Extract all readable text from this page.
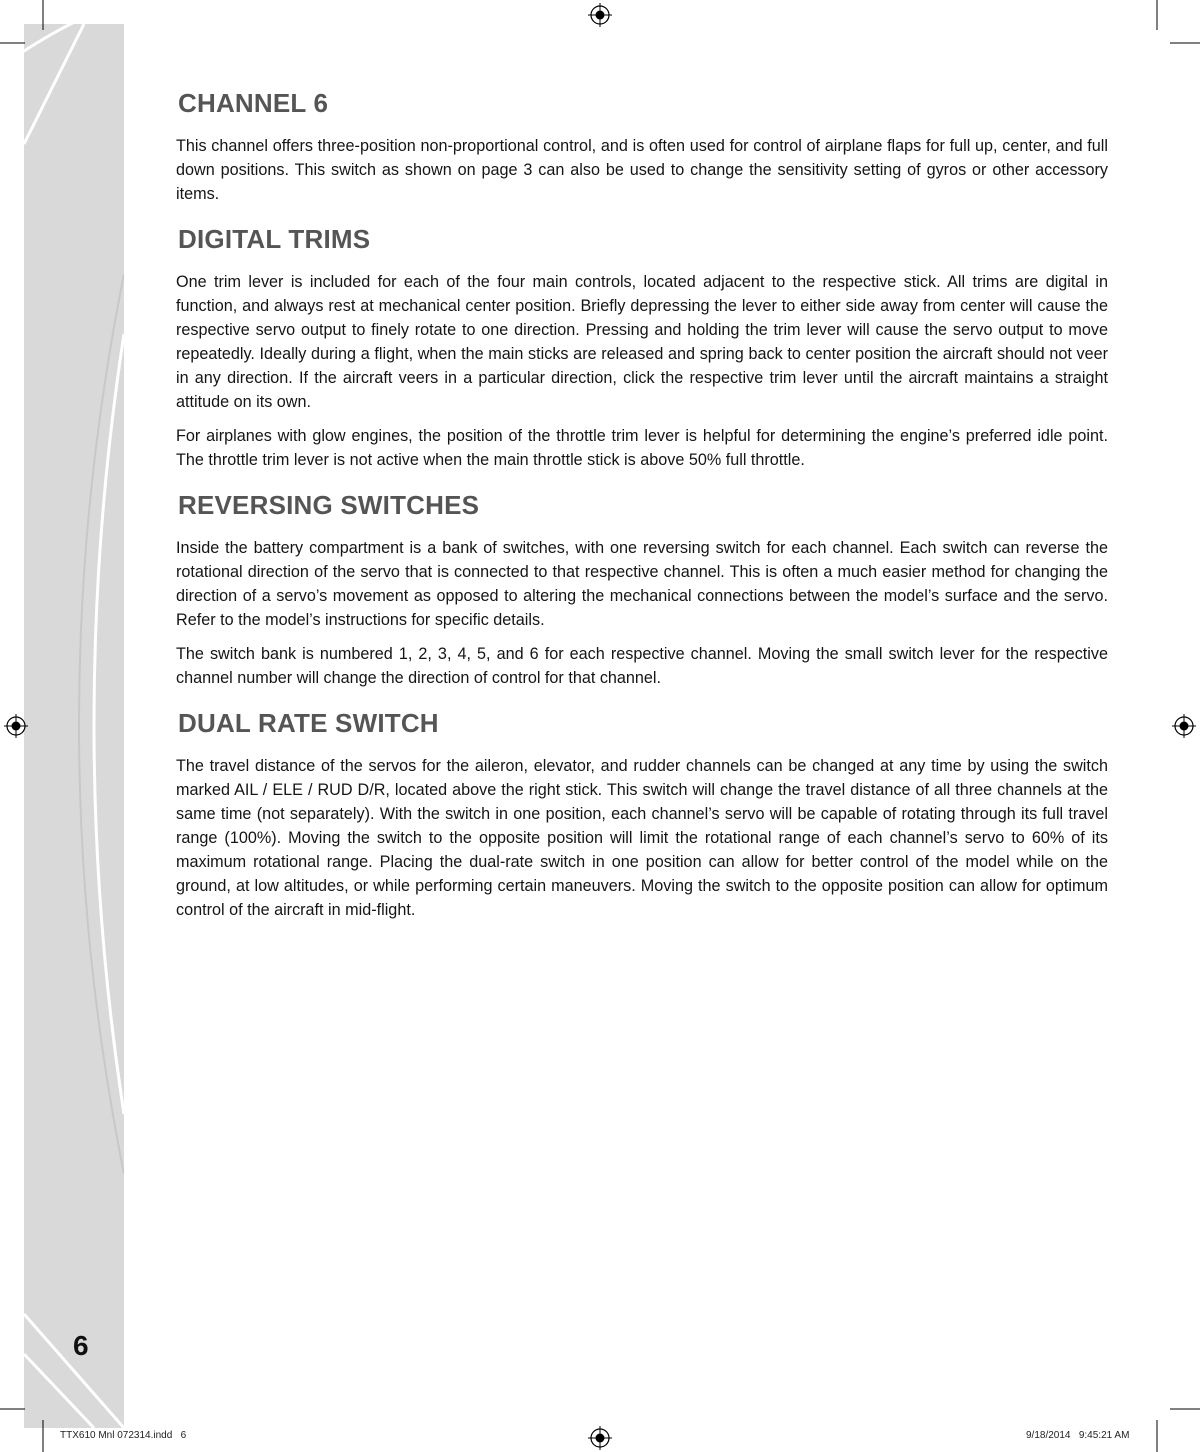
6

CHANNEL 6

This channel offers three-position non-proportional control, and is often used for control of airplane flaps for full up, center, and full down positions. This switch as shown on page 3 can also be used to change the sensitivity setting of gyros or other accessory items.

DIGITAL TRIMS

One trim lever is included for each of the four main controls, located adjacent to the respective stick. All trims are digital in function, and always rest at mechanical center position. Briefly depressing the lever to either side away from center will cause the respective servo output to finely rotate to one direction. Pressing and holding the trim lever will cause the servo output to move repeatedly. Ideally during a flight, when the main sticks are released and spring back to center position the aircraft should not veer in any direction. If the aircraft veers in a particular direction, click the respective trim lever until the aircraft maintains a straight attitude on its own.

For airplanes with glow engines, the position of the throttle trim lever is helpful for determining the engine’s preferred idle point. The throttle trim lever is not active when the main throttle stick is above 50% full throttle.

REVERSING SWITCHES

Inside the battery compartment is a bank of switches, with one reversing switch for each channel. Each switch can reverse the rotational direction of the servo that is connected to that respective channel. This is often a much easier method for changing the direction of a servo’s movement as opposed to altering the mechanical connections between the model’s surface and the servo. Refer to the model’s instructions for specific details.

The switch bank is numbered 1, 2, 3, 4, 5, and 6 for each respective channel. Moving the small switch lever for the respective channel number will change the direction of control for that channel.

DUAL RATE SWITCH

The travel distance of the servos for the aileron, elevator, and rudder channels can be changed at any time by using the switch marked AIL / ELE / RUD D/R, located above the right stick. This switch will change the travel distance of all three channels at the same time (not separately). With the switch in one position, each channel’s servo will be capable of rotating through its full travel range (100%). Moving the switch to the opposite position will limit the rotational range of each channel’s servo to 60% of its maximum rotational range. Placing the dual-rate switch in one position can allow for better control of the model while on the ground, at low altitudes, or while performing certain maneuvers. Moving the switch to the opposite position can allow for optimum control of the aircraft in mid-flight.

TTX610 Mnl 072314.indd   6	9/18/2014   9:45:21 AM
